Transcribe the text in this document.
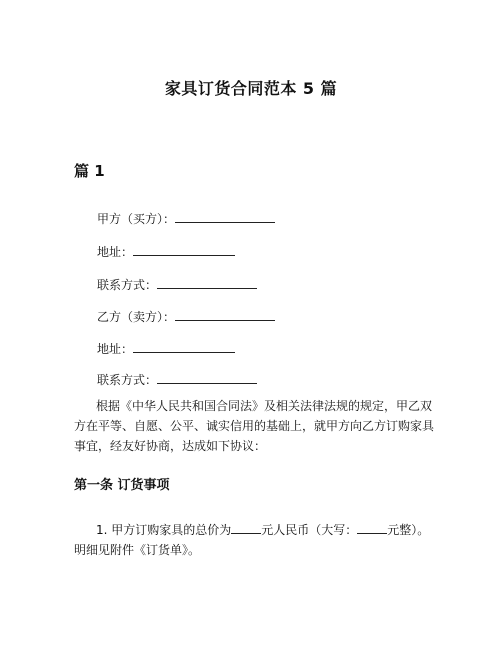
家具订货合同范本 5 篇
篇 1

甲方（买方）：

地址：

联系方式：

乙方（卖方）：

地址：

联系方式：

根据《中华人民共和国合同法》及相关法律法规的规定，甲乙双方在平等、自愿、公平、诚实信用的基础上，就甲方向乙方订购家具事宜，经友好协商，达成如下协议：

第一条 订货事项

1. 甲方订购家具的总价为	元人民币（大写：	元整）。明细见附件《订货单》。
